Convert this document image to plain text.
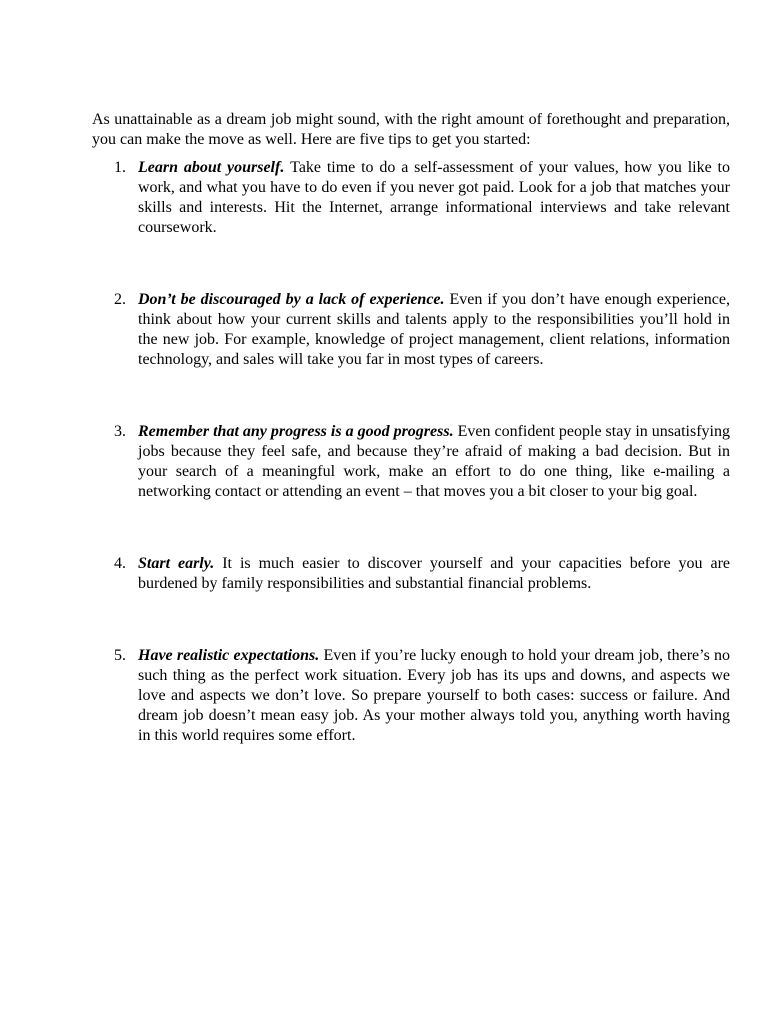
As unattainable as a dream job might sound, with the right amount of forethought and preparation, you can make the move as well. Here are five tips to get you started:

1. Learn about yourself. Take time to do a self-assessment of your values, how you like to work, and what you have to do even if you never got paid. Look for a job that matches your skills and interests. Hit the Internet, arrange informational interviews and take relevant coursework.
2. Don’t be discouraged by a lack of experience. Even if you don’t have enough experience, think about how your current skills and talents apply to the responsibilities you’ll hold in the new job. For example, knowledge of project management, client relations, information technology, and sales will take you far in most types of careers.
3. Remember that any progress is a good progress. Even confident people stay in unsatisfying jobs because they feel safe, and because they’re afraid of making a bad decision. But in your search of a meaningful work, make an effort to do one thing, like e-mailing a networking contact or attending an event – that moves you a bit closer to your big goal.
4. Start early. It is much easier to discover yourself and your capacities before you are burdened by family responsibilities and substantial financial problems.
5. Have realistic expectations. Even if you’re lucky enough to hold your dream job, there’s no such thing as the perfect work situation. Every job has its ups and downs, and aspects we love and aspects we don’t love. So prepare yourself to both cases: success or failure. And dream job doesn’t mean easy job. As your mother always told you, anything worth having in this world requires some effort.
